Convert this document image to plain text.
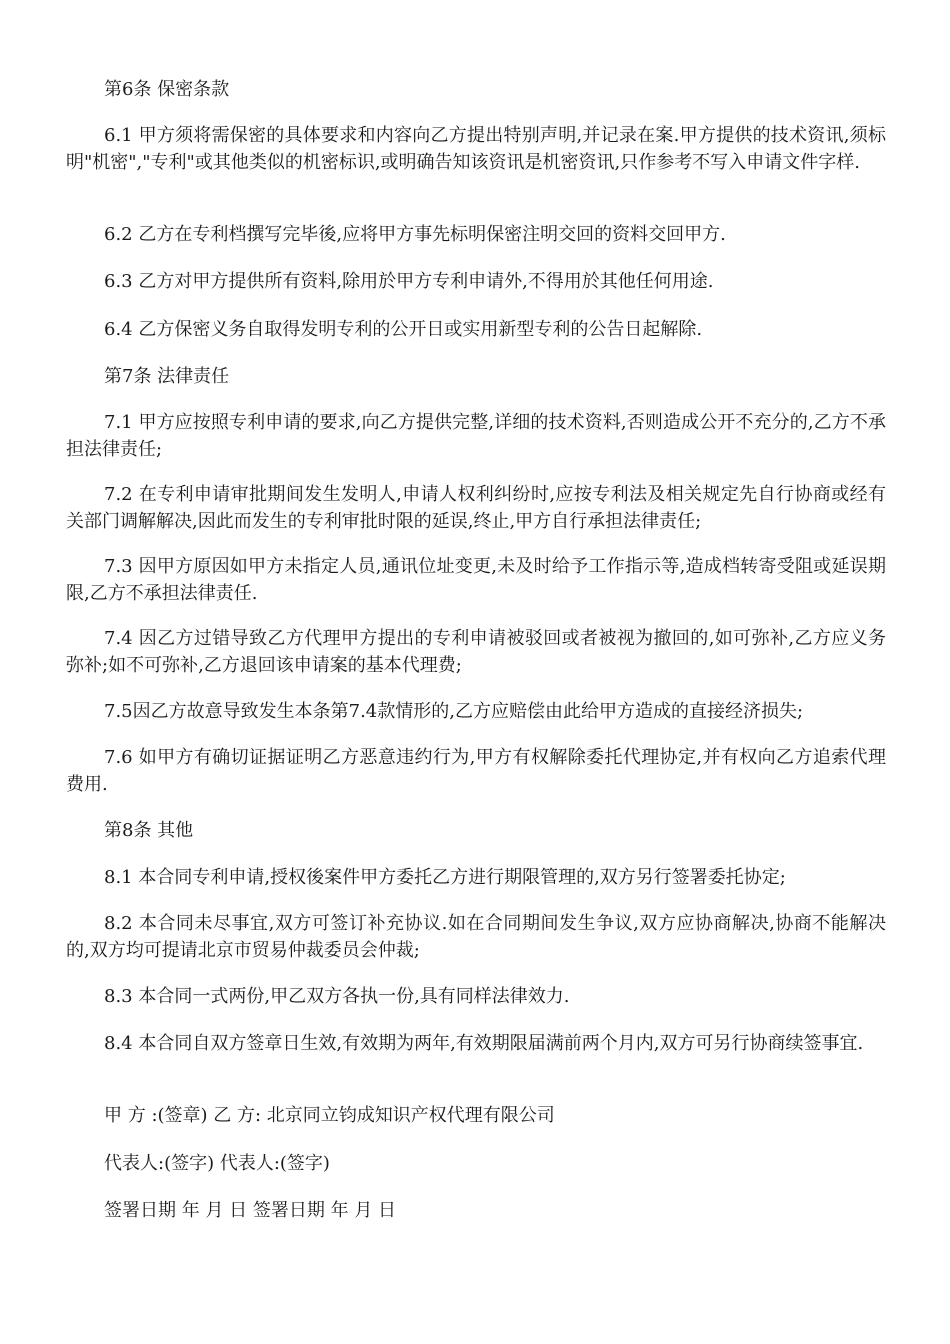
第6条 保密条款

6.1 甲方须将需保密的具体要求和内容向乙方提出特别声明,并记录在案.甲方提供的技术资讯,须标明"机密","专利"或其他类似的机密标识,或明确告知该资讯是机密资讯,只作参考不写入申请文件字样.

6.2 乙方在专利档撰写完毕後,应将甲方事先标明保密注明交回的资料交回甲方.

6.3 乙方对甲方提供所有资料,除用於甲方专利申请外,不得用於其他任何用途.

6.4 乙方保密义务自取得发明专利的公开日或实用新型专利的公告日起解除.

第7条 法律责任

7.1 甲方应按照专利申请的要求,向乙方提供完整,详细的技术资料,否则造成公开不充分的,乙方不承担法律责任;

7.2 在专利申请审批期间发生发明人,申请人权利纠纷时,应按专利法及相关规定先自行协商或经有关部门调解解决,因此而发生的专利审批时限的延误,终止,甲方自行承担法律责任;

7.3 因甲方原因如甲方未指定人员,通讯位址变更,未及时给予工作指示等,造成档转寄受阻或延误期限,乙方不承担法律责任.

7.4 因乙方过错导致乙方代理甲方提出的专利申请被驳回或者被视为撤回的,如可弥补,乙方应义务弥补;如不可弥补,乙方退回该申请案的基本代理费;

7.5因乙方故意导致发生本条第7.4款情形的,乙方应赔偿由此给甲方造成的直接经济损失;

7.6 如甲方有确切证据证明乙方恶意违约行为,甲方有权解除委托代理协定,并有权向乙方追索代理费用.

第8条 其他

8.1 本合同专利申请,授权後案件甲方委托乙方进行期限管理的,双方另行签署委托协定;

8.2 本合同未尽事宜,双方可签订补充协议.如在合同期间发生争议,双方应协商解决,协商不能解决的,双方均可提请北京市贸易仲裁委员会仲裁;

8.3 本合同一式两份,甲乙双方各执一份,具有同样法律效力.

8.4 本合同自双方签章日生效,有效期为两年,有效期限届满前两个月内,双方可另行协商续签事宜.

甲 方 :(签章) 乙 方: 北京同立钧成知识产权代理有限公司

代表人:(签字) 代表人:(签字)

签署日期 年 月 日 签署日期 年 月 日
